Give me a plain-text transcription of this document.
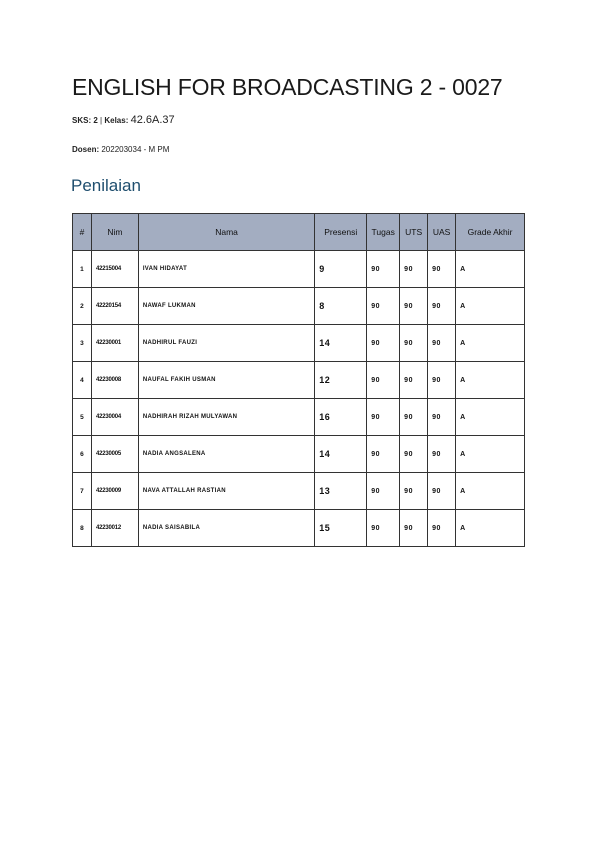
ENGLISH FOR BROADCASTING 2 - 0027
SKS: 2 | Kelas: 42.6A.37
Dosen: 202203034 - M PM
Penilaian
#	Nim	Nama	Presensi	Tugas	UTS	UAS	Grade Akhir
1	42215004	IVAN HIDAYAT	9	90	90	90	A
2	42220154	NAWAF LUKMAN	8	90	90	90	A
3	42230001	NADHIRUL FAUZI	14	90	90	90	A
4	42230008	NAUFAL FAKIH USMAN	12	90	90	90	A
5	42230004	NADHIRAH RIZAH MULYAWAN	16	90	90	90	A
6	42230005	NADIA ANGSALENA	14	90	90	90	A
7	42230009	NAVA ATTALLAH RASTIAN	13	90	90	90	A
8	42230012	NADIA SAISABILA	15	90	90	90	A
